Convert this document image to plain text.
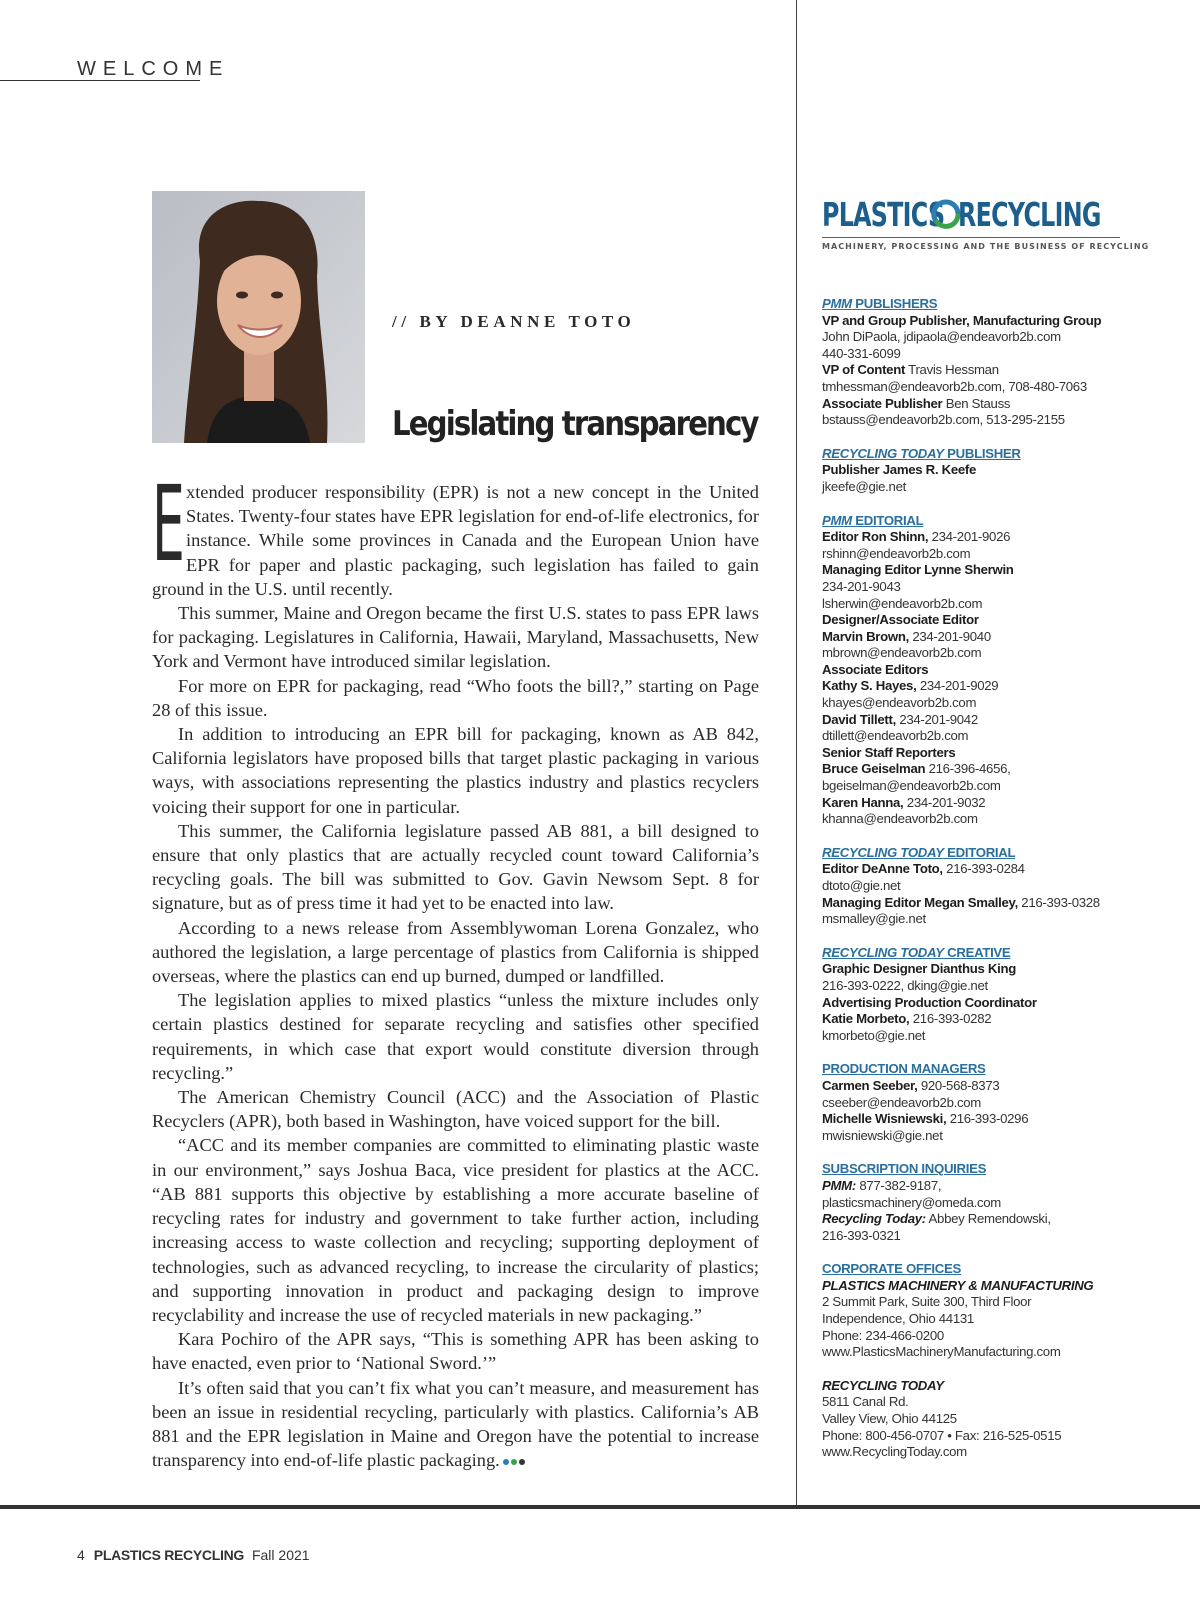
WELCOME
// BY DEANNE TOTO
Legislating transparency

Extended producer responsibility (EPR) is not a new concept in the United States. Twenty-four states have EPR legislation for end-of-life electronics, for instance. While some provinces in Canada and the European Union have EPR for paper and plastic packaging, such legislation has failed to gain ground in the U.S. until recently.

This summer, Maine and Oregon became the first U.S. states to pass EPR laws for packaging. Legislatures in California, Hawaii, Maryland, Massachusetts, New York and Vermont have introduced similar legislation.

For more on EPR for packaging, read “Who foots the bill?,” starting on Page 28 of this issue.

In addition to introducing an EPR bill for packaging, known as AB 842, California legislators have proposed bills that target plastic packaging in various ways, with associations representing the plastics industry and plastics recyclers voicing their support for one in particular.

This summer, the California legislature passed AB 881, a bill designed to ensure that only plastics that are actually recycled count toward California’s recycling goals. The bill was submitted to Gov. Gavin Newsom Sept. 8 for signature, but as of press time it had yet to be enacted into law.

According to a news release from Assemblywoman Lorena Gonzalez, who authored the legislation, a large percentage of plastics from California is shipped overseas, where the plastics can end up burned, dumped or landfilled.

The legislation applies to mixed plastics “unless the mixture includes only certain plastics destined for separate recycling and satisfies other specified requirements, in which case that export would constitute diversion through recycling.”

The American Chemistry Council (ACC) and the Association of Plastic Recyclers (APR), both based in Washington, have voiced support for the bill.

“ACC and its member companies are committed to eliminating plastic waste in our environment,” says Joshua Baca, vice president for plastics at the ACC. “AB 881 supports this objective by establishing a more accurate baseline of recycling rates for industry and government to take further action, including increasing access to waste collection and recycling; supporting deployment of technologies, such as advanced recycling, to increase the circularity of plastics; and supporting innovation in product and packaging design to improve recyclability and increase the use of recycled materials in new packaging.”

Kara Pochiro of the APR says, “This is something APR has been asking to have enacted, even prior to ‘National Sword.’”

It’s often said that you can’t fix what you can’t measure, and measurement has been an issue in residential recycling, particularly with plastics. California’s AB 881 and the EPR legislation in Maine and Oregon have the potential to increase transparency into end-of-life plastic packaging.

PLASTICS RECYCLING
MACHINERY, PROCESSING AND THE BUSINESS OF RECYCLING
PMM PUBLISHERS
VP and Group Publisher, Manufacturing Group
John DiPaola, jdipaola@endeavorb2b.com
440-331-6099
VP of Content Travis Hessman
tmhessman@endeavorb2b.com, 708-480-7063
Associate Publisher Ben Stauss
bstauss@endeavorb2b.com, 513-295-2155
RECYCLING TODAY PUBLISHER
Publisher James R. Keefe
jkeefe@gie.net
PMM EDITORIAL
Editor Ron Shinn, 234-201-9026
rshinn@endeavorb2b.com
Managing Editor Lynne Sherwin
234-201-9043
lsherwin@endeavorb2b.com
Designer/Associate Editor
Marvin Brown, 234-201-9040
mbrown@endeavorb2b.com
Associate Editors
Kathy S. Hayes, 234-201-9029
khayes@endeavorb2b.com
David Tillett, 234-201-9042
dtillett@endeavorb2b.com
Senior Staff Reporters
Bruce Geiselman 216-396-4656,
bgeiselman@endeavorb2b.com
Karen Hanna, 234-201-9032
khanna@endeavorb2b.com
RECYCLING TODAY EDITORIAL
Editor DeAnne Toto, 216-393-0284
dtoto@gie.net
Managing Editor Megan Smalley, 216-393-0328
msmalley@gie.net
RECYCLING TODAY CREATIVE
Graphic Designer Dianthus King
216-393-0222, dking@gie.net
Advertising Production Coordinator
Katie Morbeto, 216-393-0282
kmorbeto@gie.net
PRODUCTION MANAGERS
Carmen Seeber, 920-568-8373
cseeber@endeavorb2b.com
Michelle Wisniewski, 216-393-0296
mwisniewski@gie.net
SUBSCRIPTION INQUIRIES
PMM: 877-382-9187,
plasticsmachinery@omeda.com
Recycling Today: Abbey Remendowski,
216-393-0321
CORPORATE OFFICES
PLASTICS MACHINERY & MANUFACTURING
2 Summit Park, Suite 300, Third Floor
Independence, Ohio 44131
Phone: 234-466-0200
www.PlasticsMachineryManufacturing.com
RECYCLING TODAY
5811 Canal Rd.
Valley View, Ohio 44125
Phone: 800-456-0707 • Fax: 216-525-0515
www.RecyclingToday.com
4 PLASTICS RECYCLING Fall 2021
